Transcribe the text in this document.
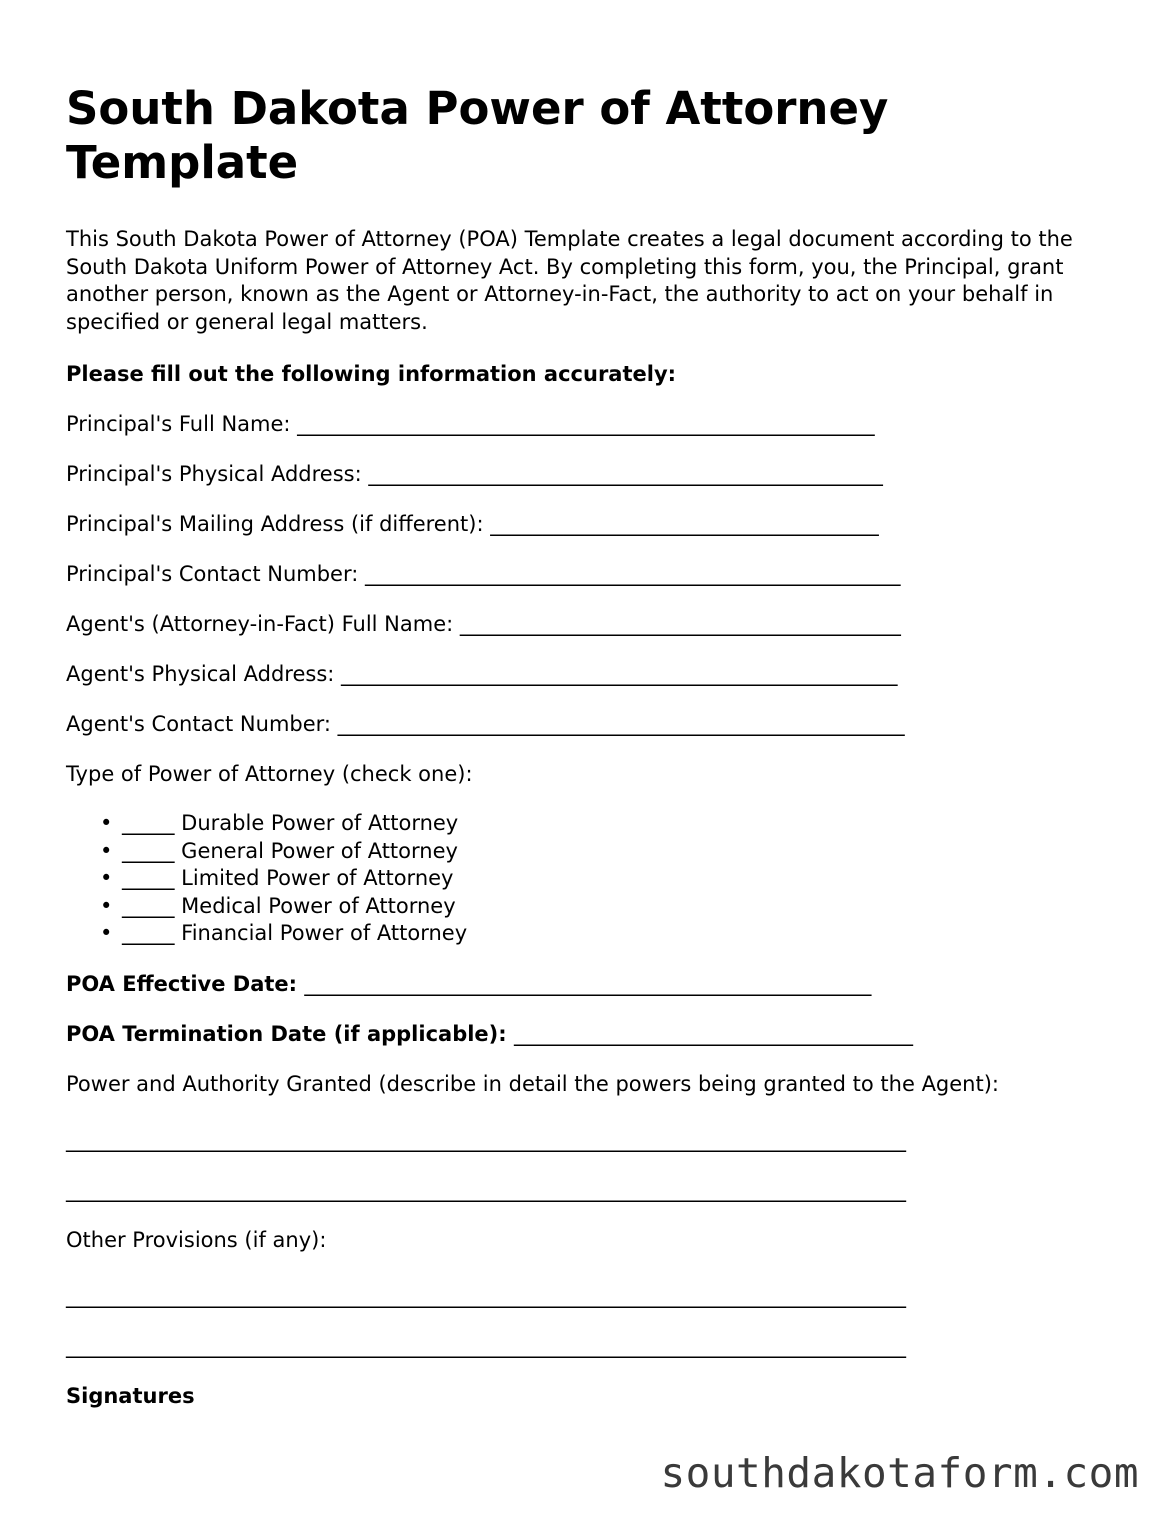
South Dakota Power of Attorney Template

This South Dakota Power of Attorney (POA) Template creates a legal document according to the South Dakota Uniform Power of Attorney Act. By completing this form, you, the Principal, grant another person, known as the Agent or Attorney-in-Fact, the authority to act on your behalf in specified or general legal matters.

Please fill out the following information accurately:

Principal's Full Name: _______________________________________________________
Principal's Physical Address: _________________________________________________
Principal's Mailing Address (if different): _____________________________________
Principal's Contact Number: ___________________________________________________
Agent's (Attorney-in-Fact) Full Name: __________________________________________
Agent's Physical Address: _____________________________________________________
Agent's Contact Number: ______________________________________________________
Type of Power of Attorney (check one):
• _____ Durable Power of Attorney
• _____ General Power of Attorney
• _____ Limited Power of Attorney
• _____ Medical Power of Attorney
• _____ Financial Power of Attorney
POA Effective Date: ______________________________________________________
POA Termination Date (if applicable): ______________________________________
Power and Authority Granted (describe in detail the powers being granted to the Agent):
________________________________________________________________________________
________________________________________________________________________________
Other Provisions (if any):
________________________________________________________________________________
________________________________________________________________________________
Signatures
southdakotaform.com
